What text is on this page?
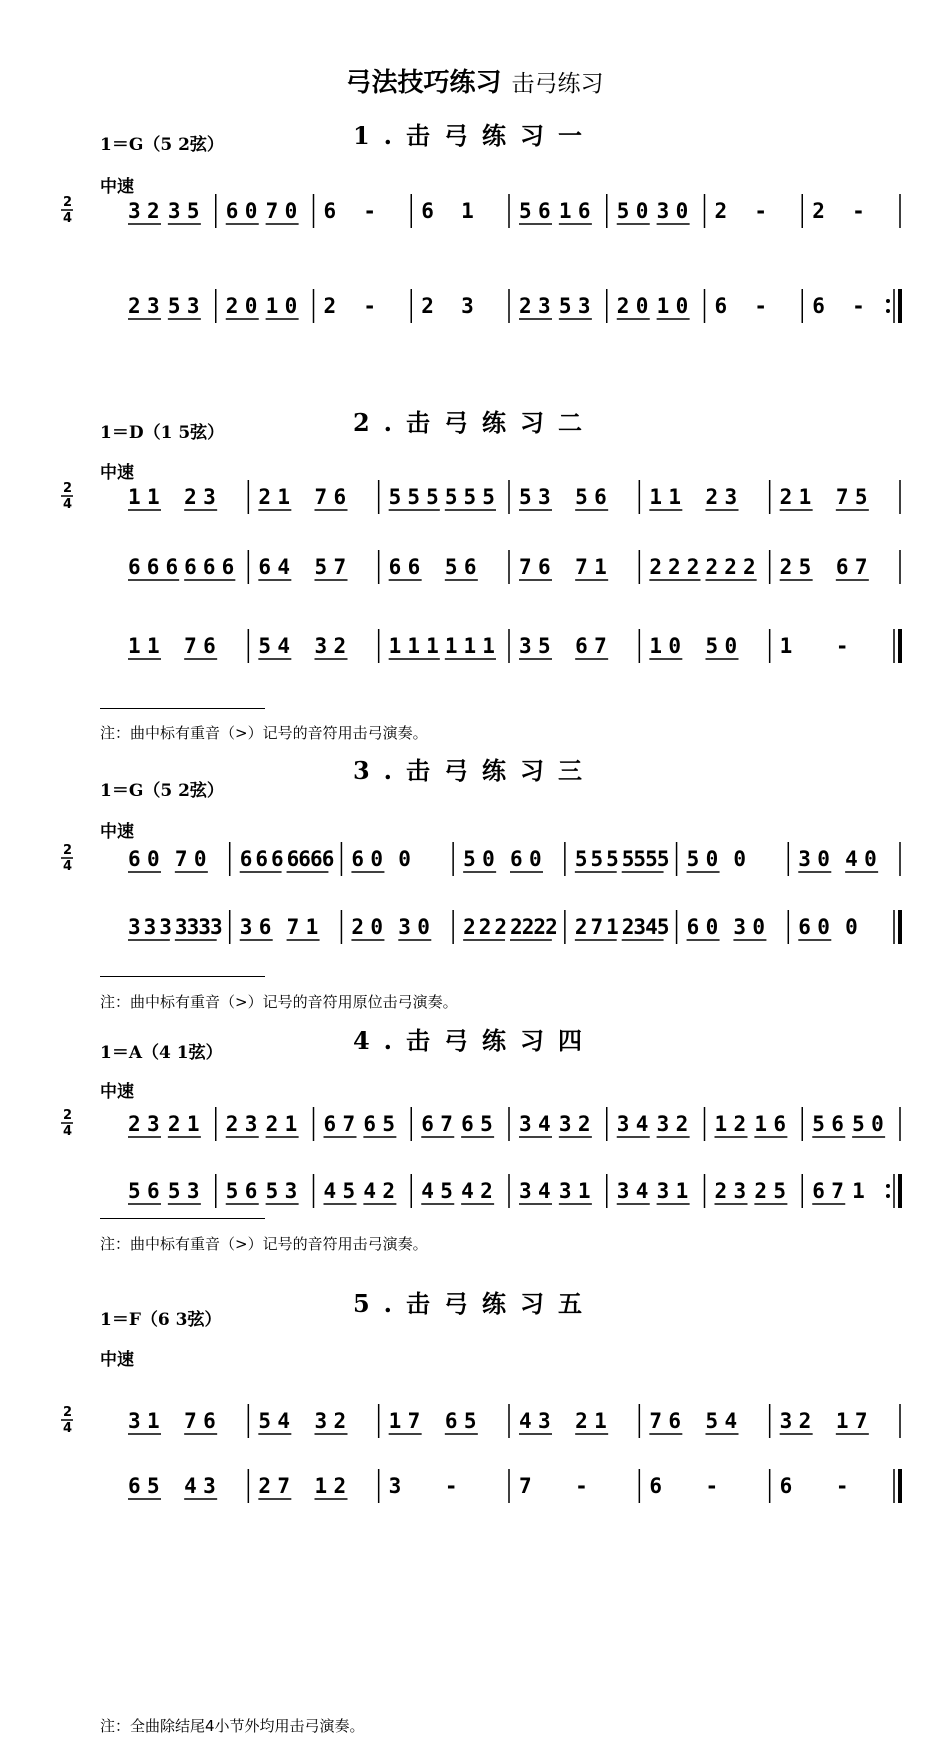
弓法技巧练习 击弓练习
1.击弓练习一
1＝G（5 2弦）
中速
2
4	3 2 3 5 6 0 7 0 6 - 6 1 5 6 1 6 5 0 3 0 2 - 2 -
2 3 5 3 2 0 1 0 2 - 2 3 2 3 5 3 2 0 1 0 6 - 6 -
2.击弓练习二
1＝D（1 5弦）
中速
2
4	1 1 2 3 2 1 7 6 5 5 5 5 5 5 5 3 5 6 1 1 2 3 2 1 7 5
6 6 6 6 6 6 6 4 5 7 6 6 5 6 7 6 7 1 2 2 2 2 2 2 2 5 6 7
1 1 7 6 5 4 3 2 1 1 1 1 1 1 3 5 6 7 1 0 5 0 1 -
注：曲中标有重音（>）记号的音符用击弓演奏。
3.击弓练习三
1＝G（5 2弦）
中速
2
4	6 0 7 0 6 6 6 6 6 6 6 6 0 0 5 0 6 0 5 5 5 5 5 5 5 5 0 0 3 0 4 0
3 3 3 3 3 3 3 3 6 7 1 2 0 3 0 2 2 2 2 2 2 2 2 7 1 2 3 4 5 6 0 3 0 6 0 0
注：曲中标有重音（>）记号的音符用原位击弓演奏。
4.击弓练习四
1＝A（4 1弦）
中速
2
4	2 3 2 1 2 3 2 1 6 7 6 5 6 7 6 5 3 4 3 2 3 4 3 2 1 2 1 6 5 6 5 0
5 6 5 3 5 6 5 3 4 5 4 2 4 5 4 2 3 4 3 1 3 4 3 1 2 3 2 5 6 7 1
注：曲中标有重音（>）记号的音符用击弓演奏。
5.击弓练习五
1＝F（6 3弦）
中速
2
4	3 1 7 6 5 4 3 2 1 7 6 5 4 3 2 1 7 6 5 4 3 2 1 7
6 5 4 3 2 7 1 2 3 -	7 -	6 -	6 -
注：全曲除结尾4小节外均用击弓演奏。
